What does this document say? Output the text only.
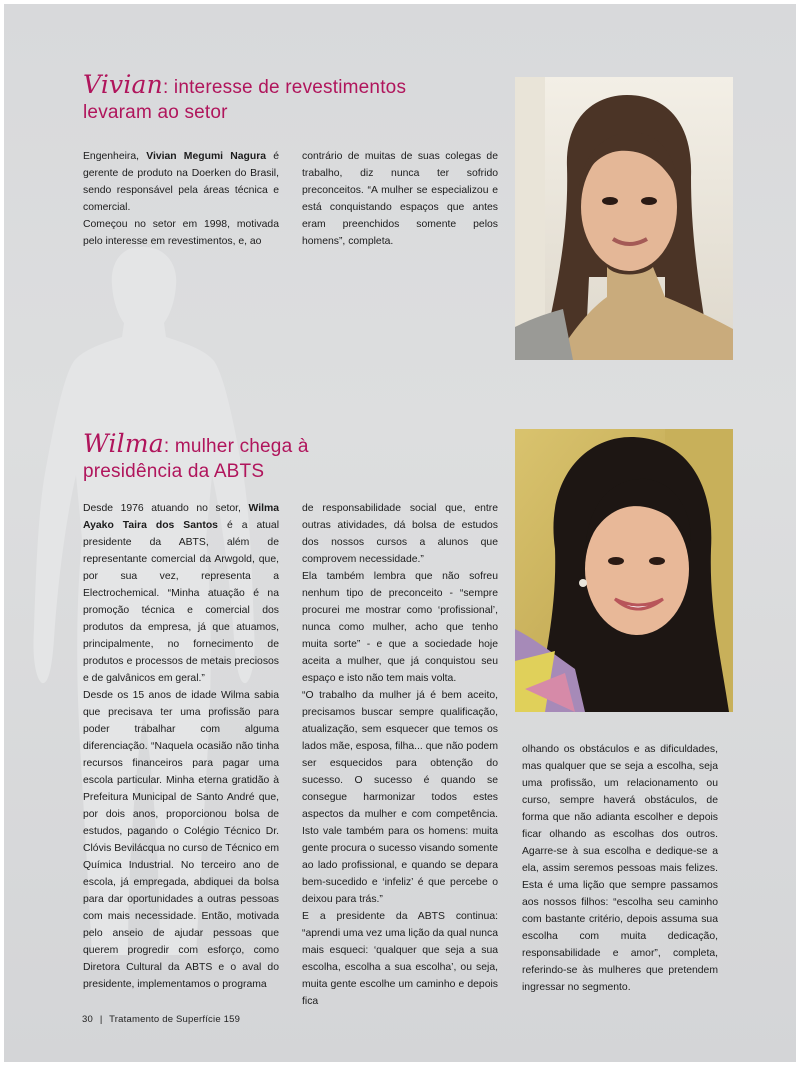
Vivian: interesse de revestimentos
levaram ao setor

Engenheira, Vivian Megumi Nagura é gerente de produto na Doerken do Brasil, sendo responsável pela áreas técnica e comercial.

Começou no setor em 1998, motivada pelo interesse em revestimentos, e, ao

contrário de muitas de suas colegas de trabalho, diz nunca ter sofrido preconceitos. “A mulher se especializou e está conquistando espaços que antes eram preenchidos somente pelos homens”, completa.

Wilma: mulher chega à
presidência da ABTS

Desde 1976 atuando no setor, Wilma Ayako Taira dos Santos é a atual presidente da ABTS, além de representante comercial da Arwgold, que, por sua vez, representa a Electrochemical. “Minha atuação é na promoção técnica e comercial dos produtos da empresa, já que atuamos, principalmente, no fornecimento de produtos e processos de metais preciosos e de galvânicos em geral.”

Desde os 15 anos de idade Wilma sabia que precisava ter uma profissão para poder trabalhar com alguma diferenciação. “Naquela ocasião não tinha recursos financeiros para pagar uma escola particular. Minha eterna gratidão à Prefeitura Municipal de Santo André que, por dois anos, proporcionou bolsa de estudos, pagando o Colégio Técnico Dr. Clóvis Bevilácqua no curso de Técnico em Química Industrial. No terceiro ano de escola, já empregada, abdiquei da bolsa para dar oportunidades a outras pessoas com mais necessidade. Então, motivada pelo anseio de ajudar pessoas que querem progredir com esforço, como Diretora Cultural da ABTS e o aval do presidente, implementamos o programa

de responsabilidade social que, entre outras atividades, dá bolsa de estudos dos nossos cursos a alunos que comprovem necessidade.”

Ela também lembra que não sofreu nenhum tipo de preconceito - “sempre procurei me mostrar como ‘profissional’, nunca como mulher, acho que tenho muita sorte” - e que a sociedade hoje aceita a mulher, que já conquistou seu espaço e isto não tem mais volta.

“O trabalho da mulher já é bem aceito, precisamos buscar sempre qualificação, atualização, sem esquecer que temos os lados mãe, esposa, filha... que não podem ser esquecidos para obtenção do sucesso. O sucesso é quando se consegue harmonizar todos estes aspectos da mulher e com competência. Isto vale também para os homens: muita gente procura o sucesso visando somente ao lado profissional, e quando se depara bem-sucedido e ‘infeliz’ é que percebe o deixou para trás.”

E a presidente da ABTS continua: “aprendi uma vez uma lição da qual nunca mais esqueci: ‘qualquer que seja a sua escolha, escolha a sua escolha’, ou seja, muita gente escolhe um caminho e depois fica

olhando os obstáculos e as dificuldades, mas qualquer que se seja a escolha, seja uma profissão, um relacionamento ou curso, sempre haverá obstáculos, de forma que não adianta escolher e depois ficar olhando as escolhas dos outros. Agarre-se à sua escolha e dedique-se a ela, assim seremos pessoas mais felizes. Esta é uma lição que sempre passamos aos nossos filhos: “escolha seu caminho com bastante critério, depois assuma sua escolha com muita dedicação, responsabilidade e amor”, completa, referindo-se às mulheres que pretendem ingressar no segmento.

30 | Tratamento de Superfície 159
